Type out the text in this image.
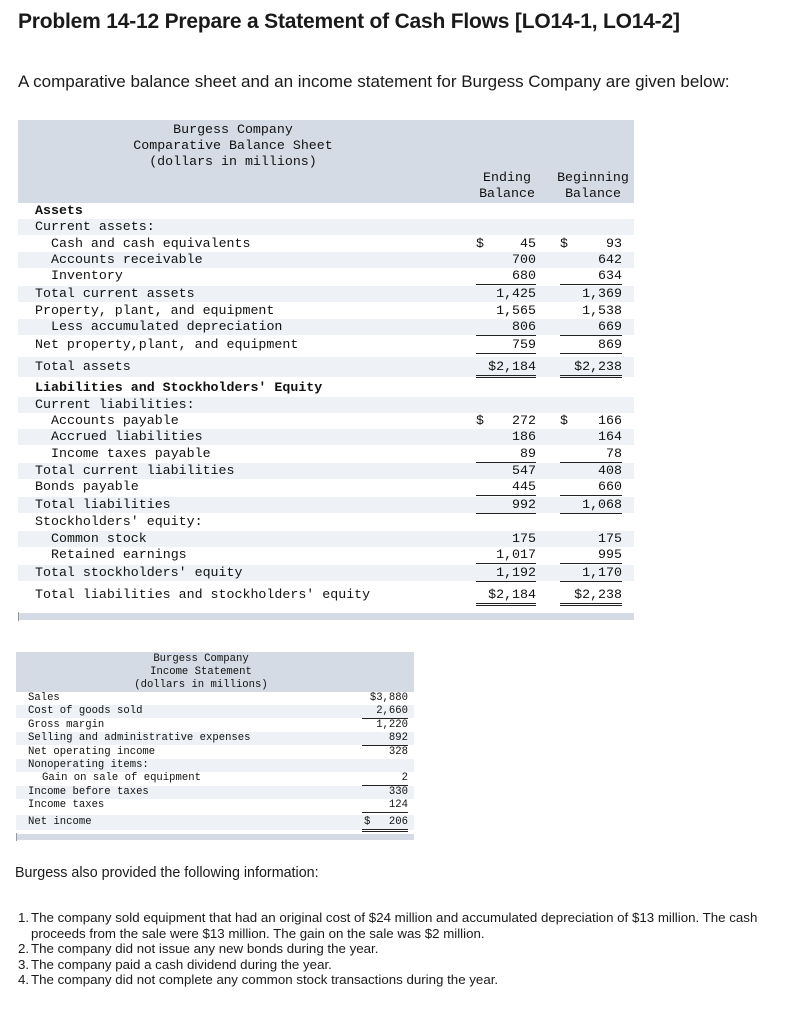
Problem 14-12 Prepare a Statement of Cash Flows [LO14-1, LO14-2]
A comparative balance sheet and an income statement for Burgess Company are given below:
Burgess Company
Comparative Balance Sheet
(dollars in millions)
Ending
Balance
Beginning
Balance
Assets
Current assets:
Cash and cash equivalents	$	45 $	93
Accounts receivable	700	642
Inventory	680	634
Total current assets	1,425	1,369
Property, plant, and equipment	1,565	1,538
Less accumulated depreciation	806	669
Net property,plant, and equipment	759	869
Total assets	$2,184	$2,238
Liabilities and Stockholders' Equity
Current liabilities:
Accounts payable	$ 272 $ 166
Accrued liabilities	186	164
Income taxes payable	89	78
Total current liabilities	547	408
Bonds payable	445	660
Total liabilities	992	1,068
Stockholders' equity:
Common stock	175	175
Retained earnings	1,017	995
Total stockholders' equity	1,192	1,170
Total liabilities and stockholders' equity	$2,184	$2,238
Burgess Company
Income Statement
(dollars in millions)
Sales	$3,880
Cost of goods sold	2,660
Gross margin	1,220
Selling and administrative expenses	892
Net operating income	328
Nonoperating items:
Gain on sale of equipment	2
Income before taxes	330
Income taxes	124
Net income	$ 206
Burgess also provided the following information:
1. The company sold equipment that had an original cost of $24 million and accumulated depreciation of $13 million. The cash proceeds from the sale were $13 million. The gain on the sale was $2 million.
2. The company did not issue any new bonds during the year.
3. The company paid a cash dividend during the year.
4. The company did not complete any common stock transactions during the year.
